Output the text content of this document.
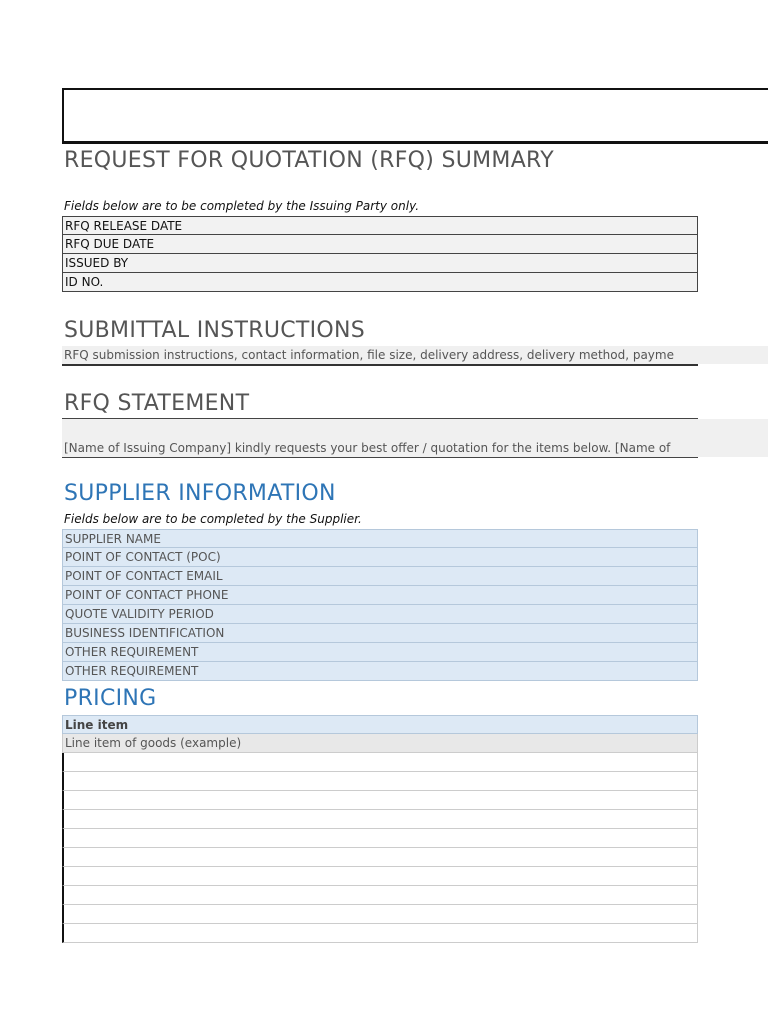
REQUEST FOR QUOTATION (RFQ) SUMMARY
Fields below are to be completed by the Issuing Party only.
RFQ RELEASE DATE
RFQ DUE DATE
ISSUED BY
ID NO.
SUBMITTAL INSTRUCTIONS
RFQ submission instructions, contact information, file size, delivery address, delivery method, payme
RFQ STATEMENT
[Name of Issuing Company] kindly requests your best offer / quotation for the items below. [Name of
SUPPLIER INFORMATION
Fields below are to be completed by the Supplier.
SUPPLIER NAME
POINT OF CONTACT (POC)
POINT OF CONTACT EMAIL
POINT OF CONTACT PHONE
QUOTE VALIDITY PERIOD
BUSINESS IDENTIFICATION
OTHER REQUIREMENT
OTHER REQUIREMENT
PRICING
Line item
Line item of goods (example)
